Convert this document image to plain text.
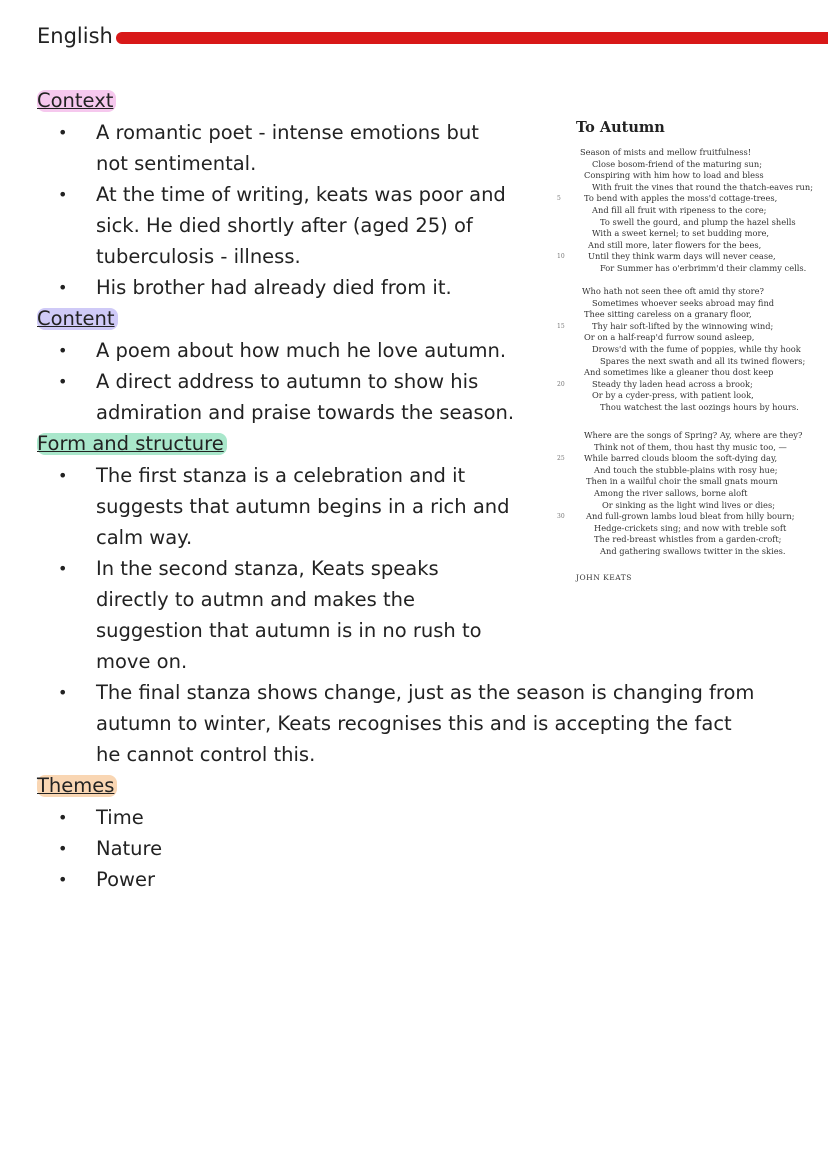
English
Context
• A romantic poet - intense emotions but
not sentimental.
• At the time of writing, keats was poor and
sick. He died shortly after (aged 25) of
tuberculosis - illness.
• His brother had already died from it.
Content
• A poem about how much he love autumn.
• A direct address to autumn to show his
admiration and praise towards the season.
Form and structure
• The first stanza is a celebration and it
suggests that autumn begins in a rich and
calm way.
• In the second stanza, Keats speaks
directly to autmn and makes the
suggestion that autumn is in no rush to
move on.
• The final stanza shows change, just as the season is changing from
autumn to winter, Keats recognises this and is accepting the fact
he cannot control this.
Themes
• Time
• Nature
• Power
To Autumn
JOHN KEATS
Season of mists and mellow fruitfulness!
Close bosom-friend of the maturing sun;
Conspiring with him how to load and bless
With fruit the vines that round the thatch-eaves run;
To bend with apples the moss'd cottage-trees,
5
And fill all fruit with ripeness to the core;
To swell the gourd, and plump the hazel shells
With a sweet kernel; to set budding more,
And still more, later flowers for the bees,
Until they think warm days will never cease,
10
For Summer has o'erbrimm'd their clammy cells.
Who hath not seen thee oft amid thy store?
Sometimes whoever seeks abroad may find
Thee sitting careless on a granary floor,
Thy hair soft-lifted by the winnowing wind;
15
Or on a half-reap'd furrow sound asleep,
Drows'd with the fume of poppies, while thy hook
Spares the next swath and all its twined flowers;
And sometimes like a gleaner thou dost keep
Steady thy laden head across a brook;
20
Or by a cyder-press, with patient look,
Thou watchest the last oozings hours by hours.
Where are the songs of Spring? Ay, where are they?
Think not of them, thou hast thy music too, —
While barred clouds bloom the soft-dying day,
25
And touch the stubble-plains with rosy hue;
Then in a wailful choir the small gnats mourn
Among the river sallows, borne aloft
Or sinking as the light wind lives or dies;
And full-grown lambs loud bleat from hilly bourn;
30
Hedge-crickets sing; and now with treble soft
The red-breast whistles from a garden-croft;
And gathering swallows twitter in the skies.
